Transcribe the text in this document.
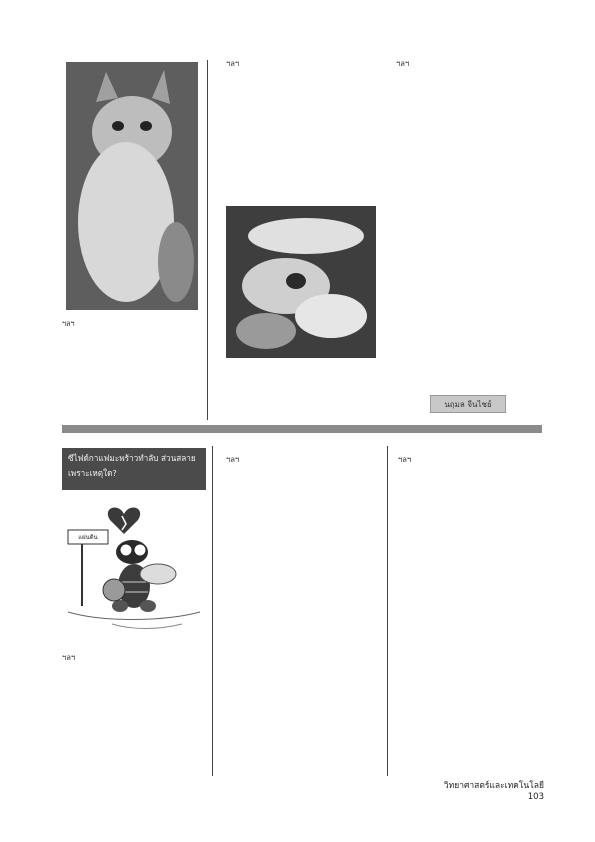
ฯลฯ
ฯลฯ	ฯลฯ
นฤมล จีนไชย์
ซีไฟด์กาแฟมะพร้าวทำลับ ส่วนสลาย
เพราะเหตุใด?
แผ่นดิน
ฯลฯ
ฯลฯ	ฯลฯ
วิทยาศาสตร์และเทคโนโลยี 103
